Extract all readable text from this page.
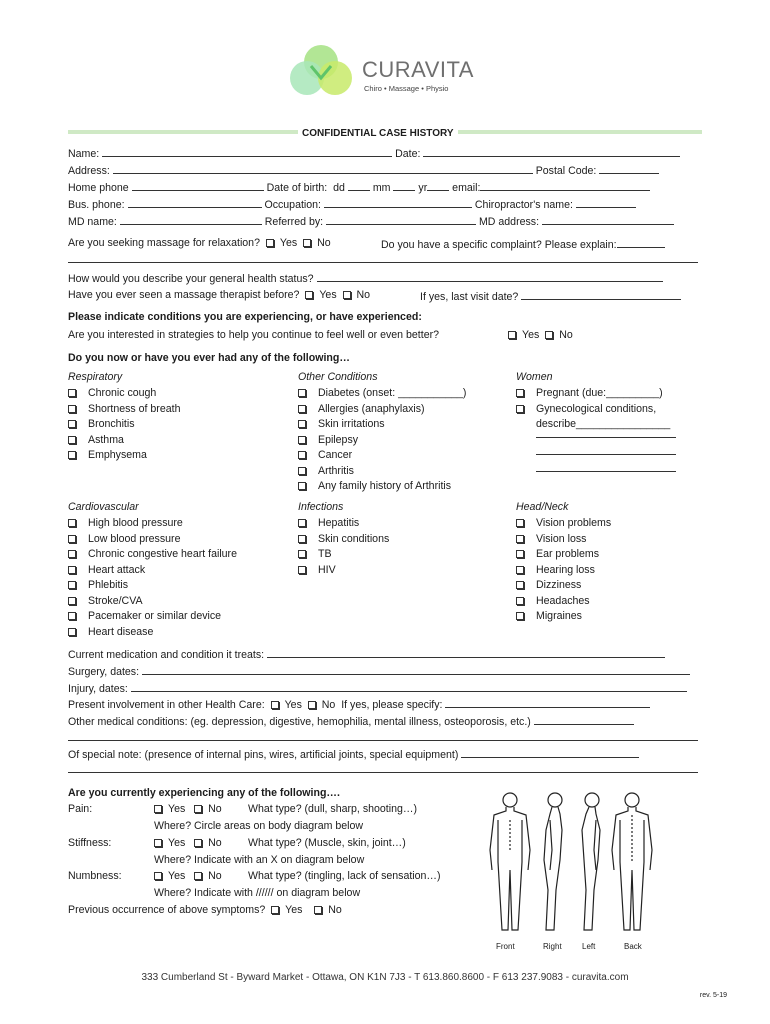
CURAVITA
Chiro • Massage • Physio
CONFIDENTIAL CASE HISTORY
Name:	Date:
Address:	Postal Code:
Home phone	Date of birth: dd	mm	yr email:
Bus. phone:	Occupation:	Chiropractor's name:
MD name:	Referred by:	MD address:
Are you seeking massage for relaxation? Yes No	Do you have a specific complaint? Please explain:
How would you describe your general health status?
Have you ever seen a massage therapist before? Yes No	If yes, last visit date?
Please indicate conditions you are experiencing, or have experienced:
Are you interested in strategies to help you continue to feel well or even better?	Yes No
Do you now or have you ever had any of the following…
Respiratory
Chronic cough
Shortness of breath
Bronchitis
Asthma
Emphysema
Other Conditions
Diabetes (onset: ___________)
Allergies (anaphylaxis)
Skin irritations
Epilepsy
Cancer
Arthritis
Any family history of Arthritis
Women
Pregnant (due:_________)
Gynecological conditions,
describe________________
Cardiovascular
High blood pressure
Low blood pressure
Chronic congestive heart failure
Heart attack
Phlebitis
Stroke/CVA
Pacemaker or similar device
Heart disease
Infections
Hepatitis
Skin conditions
TB
HIV
Head/Neck
Vision problems
Vision loss
Ear problems
Hearing loss
Dizziness
Headaches
Migraines
Current medication and condition it treats:
Surgery, dates:
Injury, dates:
Present involvement in other Health Care: Yes No If yes, please specify:
Other medical conditions: (eg. depression, digestive, hemophilia, mental illness, osteoporosis, etc.)
Of special note: (presence of internal pins, wires, artificial joints, special equipment)
Are you currently experiencing any of the following….
Pain:	Yes No What type? (dull, sharp, shooting…)
Where? Circle areas on body diagram below
Stiffness:	Yes No What type? (Muscle, skin, joint…)
Where? Indicate with an X on diagram below
Numbness:	Yes No What type? (tingling, lack of sensation…)
Where? Indicate with ////// on diagram below
Previous occurrence of above symptoms? Yes No
Front	Right	Left	Back
333 Cumberland St - Byward Market - Ottawa, ON K1N 7J3 - T 613.860.8600 - F 613 237.9083 - curavita.com
rev. 5-19
